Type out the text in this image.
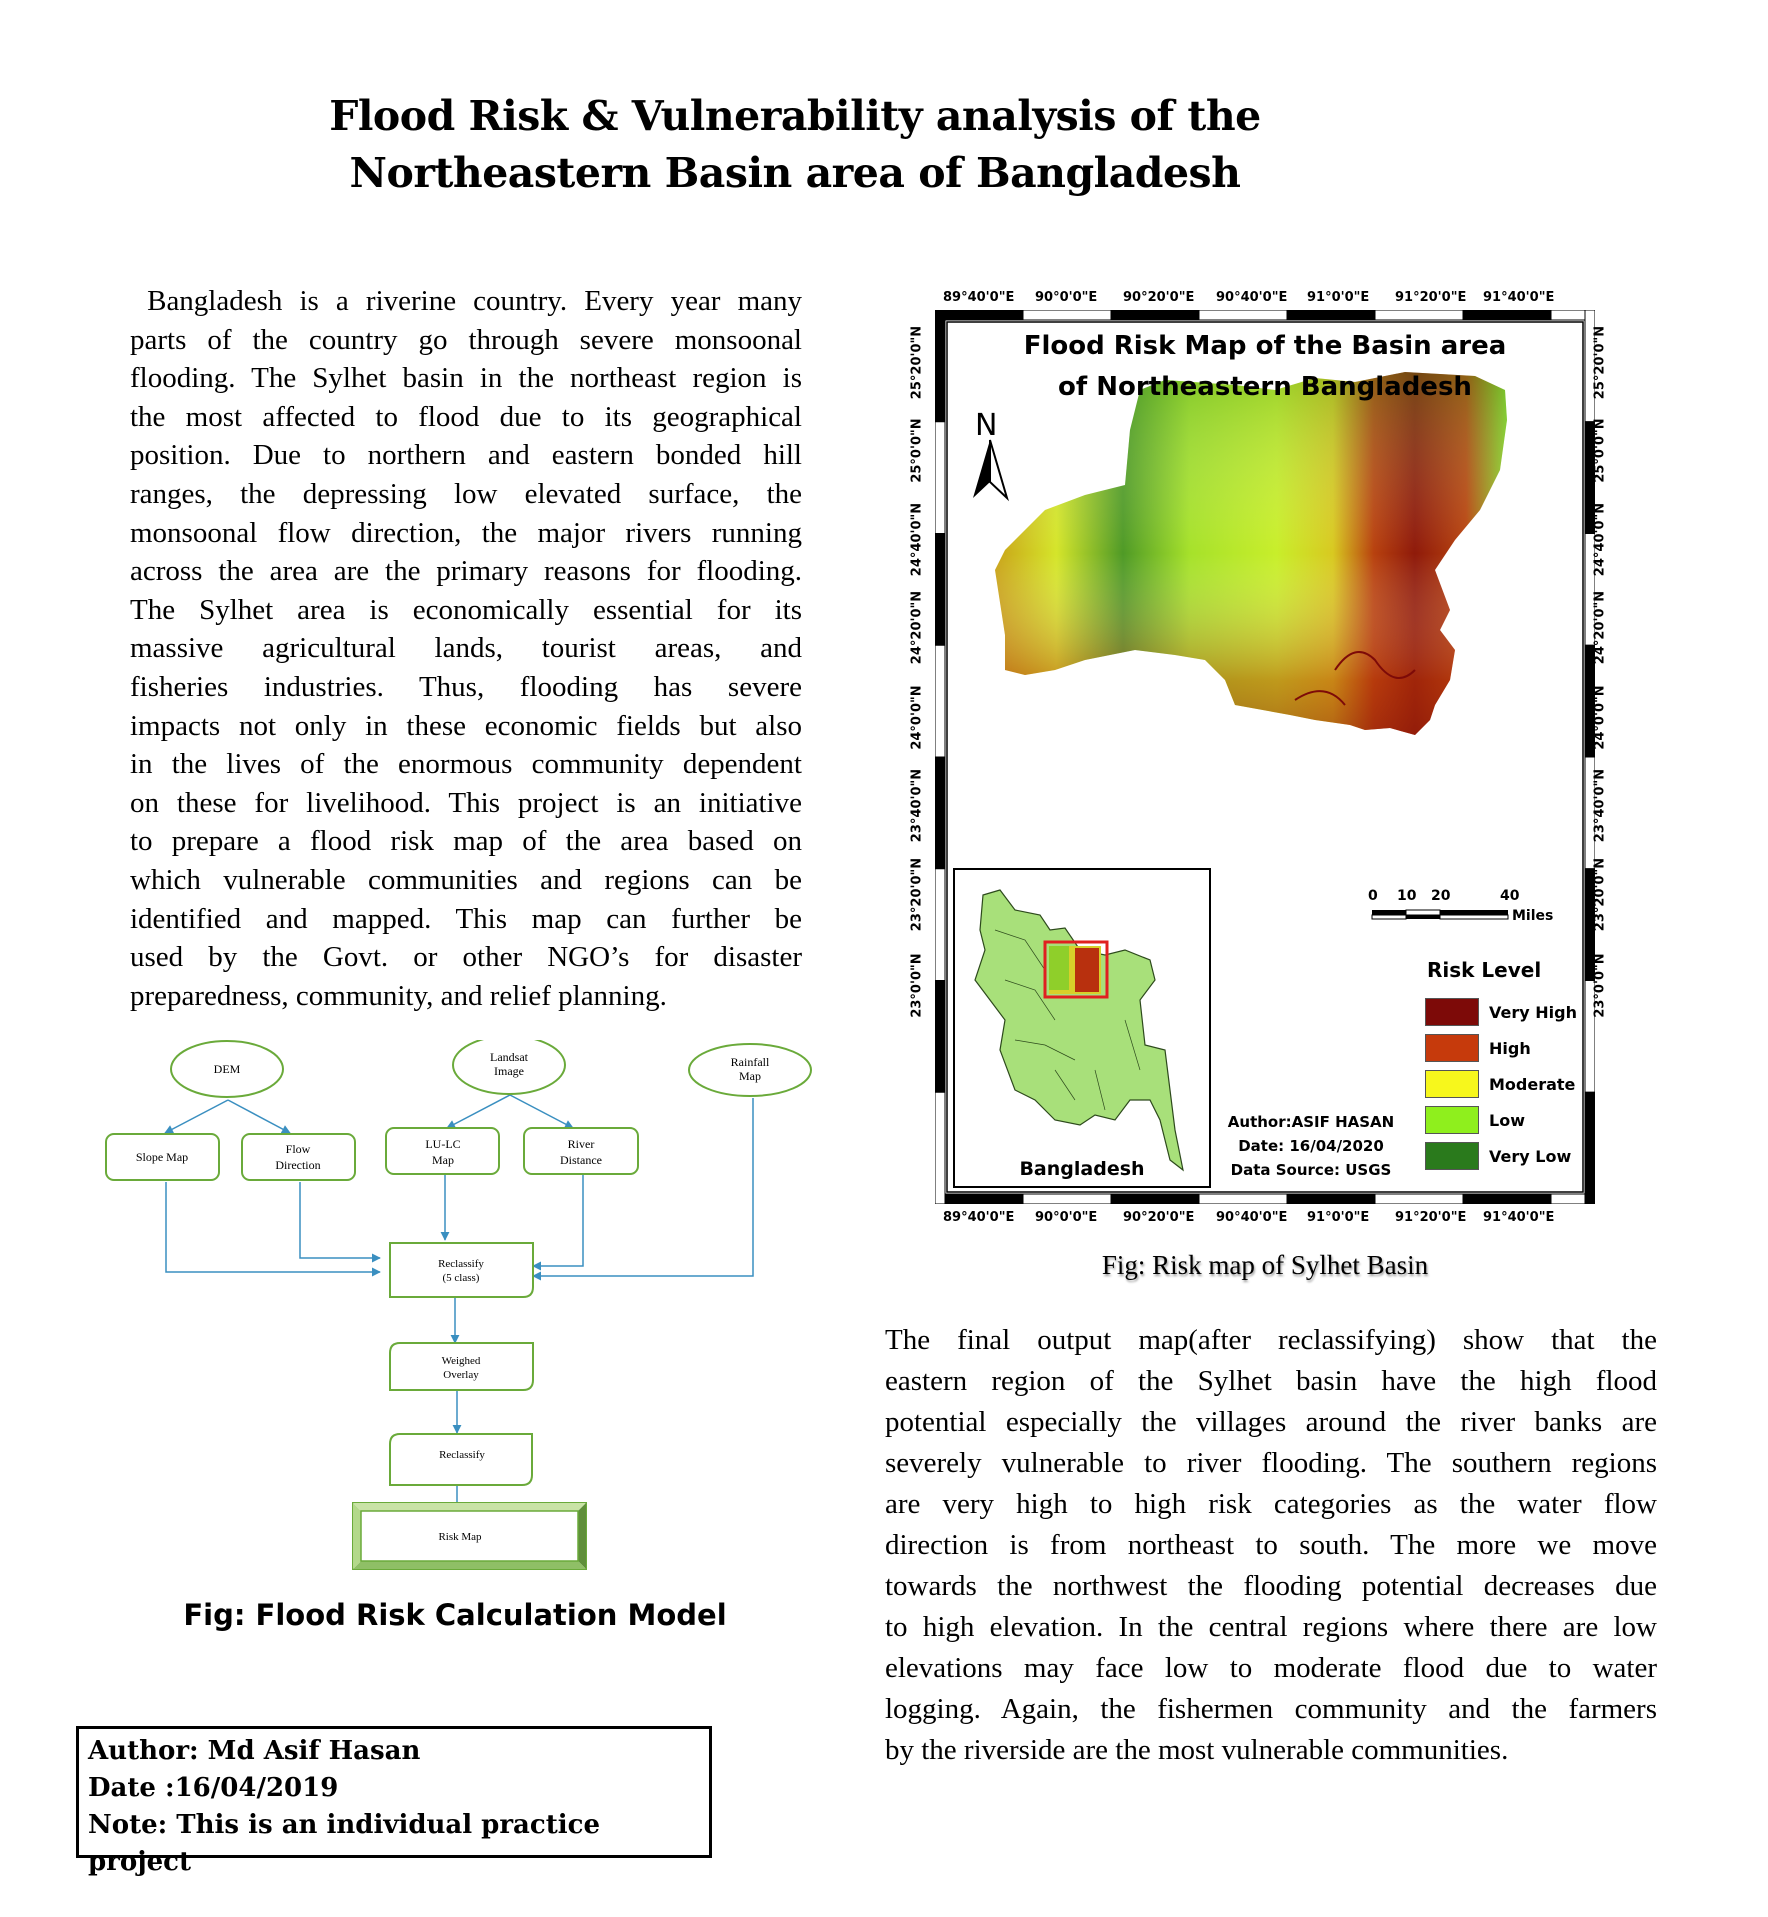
Flood Risk & Vulnerability analysis of the
Northeastern Basin area of Bangladesh
Bangladesh is a riverine country. Every year many
parts of the country go through severe monsoonal
flooding. The Sylhet basin in the northeast region is
the most affected to flood due to its geographical
position. Due to northern and eastern bonded hill
ranges, the depressing low elevated surface, the
monsoonal flow direction, the major rivers running
across the area are the primary reasons for flooding.
The Sylhet area is economically essential for its
massive agricultural lands, tourist areas, and
fisheries industries. Thus, flooding has severe
impacts not only in these economic fields but also
in the lives of the enormous community dependent
on these for livelihood. This project is an initiative
to prepare a flood risk map of the area based on
which vulnerable communities and regions can be
identified and mapped. This map can further be
used by the Govt. or other NGO’s for disaster
preparedness, community, and relief planning.
DEM
Landsat
Image
Rainfall
Map
Slope Map
Flow
Direction
LU-LC
Map
River
Distance
Reclassify
(5 class)
Weighed
Overlay
Reclassify
Risk Map
Fig: Flood Risk Calculation Model
Author: Md Asif Hasan
Date :16/04/2019
Note: This is an individual practice project
Flood Risk Map of the Basin area
of Northeastern Bangladesh
N
0 10 20	40
Miles
Bangladesh
Author:ASIF HASAN
Date: 16/04/2020
Data Source: USGS
Risk Level
Very High
High
Moderate
Low
Very Low
89°40'0"E
89°40'0"E
90°0'0"E
90°0'0"E
90°20'0"E
90°20'0"E
90°40'0"E
90°40'0"E
91°0'0"E
91°0'0"E
91°20'0"E
91°20'0"E
91°40'0"E
91°40'0"E
25°20'0"N	25°20'0"N
25°0'0"N	25°0'0"N
24°40'0"N	24°40'0"N
24°20'0"N	24°20'0"N
24°0'0"N	24°0'0"N
23°40'0"N	23°40'0"N
23°20'0"N	23°20'0"N
23°0'0"N	23°0'0"N
Fig: Risk map of Sylhet Basin
The final output map(after reclassifying) show that the
eastern region of the Sylhet basin have the high flood
potential especially the villages around the river banks are
severely vulnerable to river flooding. The southern regions
are very high to high risk categories as the water flow
direction is from northeast to south. The more we move
towards the northwest the flooding potential decreases due
to high elevation. In the central regions where there are low
elevations may face low to moderate flood due to water
logging. Again, the fishermen community and the farmers
by the riverside are the most vulnerable communities.
